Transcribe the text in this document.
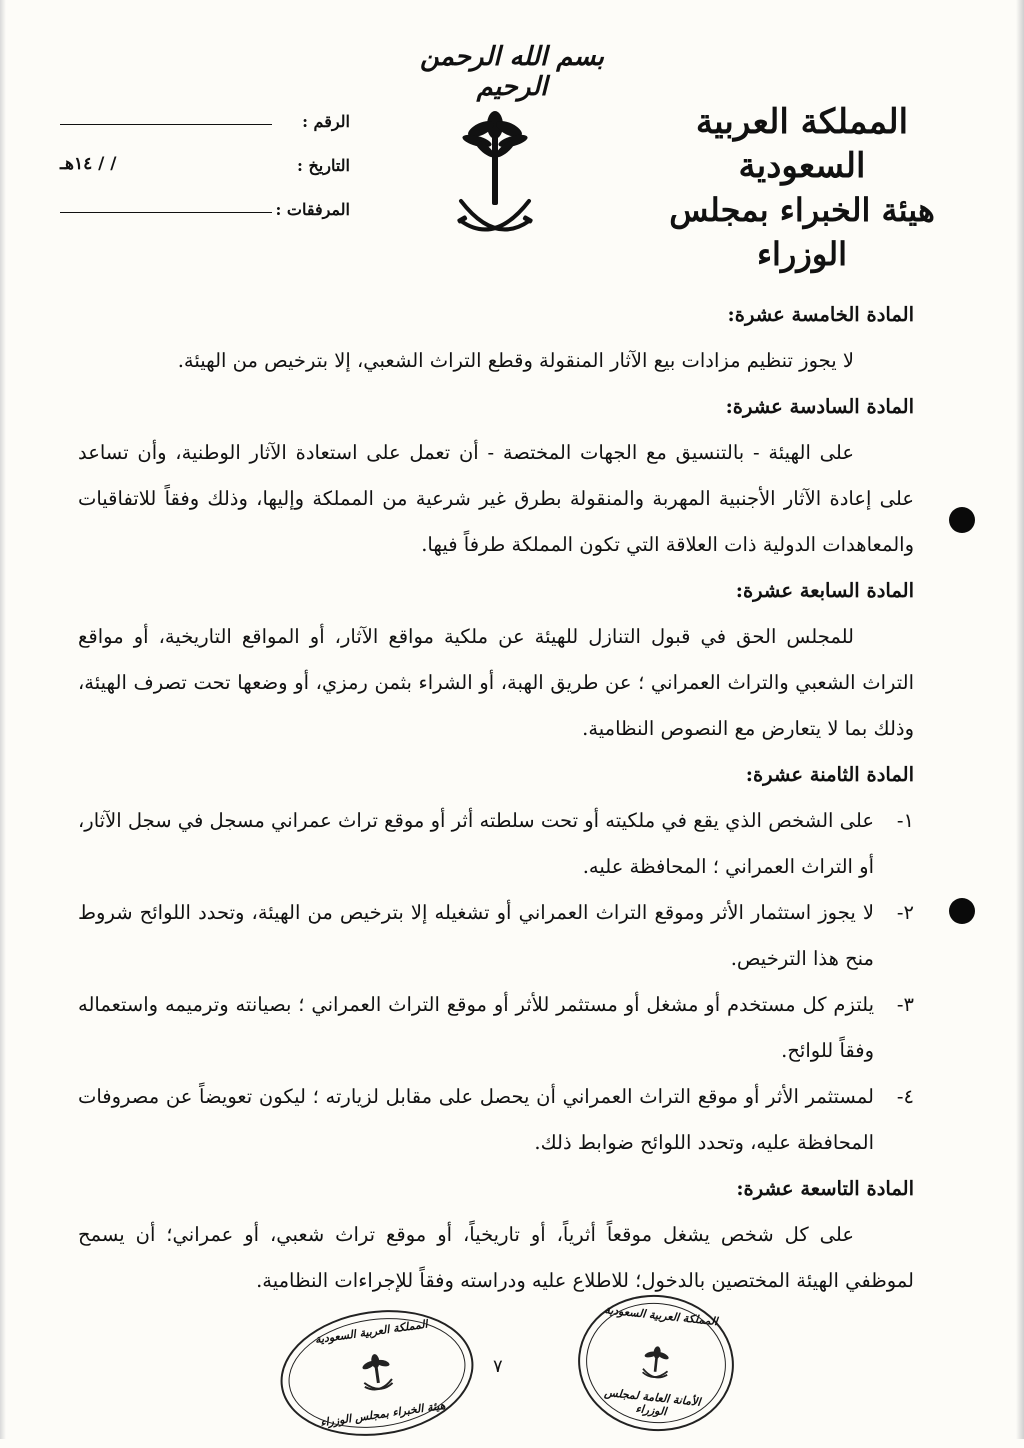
بسم الله الرحمن الرحيم
المملكة العربية السعودية
هيئة الخبراء بمجلس الوزراء
الرقم :
التاريخ :
/ / ١٤هـ
المرفقات :
المادة الخامسة عشرة:
لا يجوز تنظيم مزادات بيع الآثار المنقولة وقطع التراث الشعبي، إلا بترخيص من الهيئة.
المادة السادسة عشرة:
على الهيئة - بالتنسيق مع الجهات المختصة - أن تعمل على استعادة الآثار الوطنية، وأن تساعد على إعادة الآثار الأجنبية المهربة والمنقولة بطرق غير شرعية من المملكة وإليها، وذلك وفقاً للاتفاقيات والمعاهدات الدولية ذات العلاقة التي تكون المملكة طرفاً فيها.
المادة السابعة عشرة:
للمجلس الحق في قبول التنازل للهيئة عن ملكية مواقع الآثار، أو المواقع التاريخية، أو مواقع التراث الشعبي والتراث العمراني ؛ عن طريق الهبة، أو الشراء بثمن رمزي، أو وضعها تحت تصرف الهيئة، وذلك بما لا يتعارض مع النصوص النظامية.
المادة الثامنة عشرة:
١-
على الشخص الذي يقع في ملكيته أو تحت سلطته أثر أو موقع تراث عمراني مسجل في سجل الآثار، أو التراث العمراني ؛ المحافظة عليه.
٢-
لا يجوز استثمار الأثر وموقع التراث العمراني أو تشغيله إلا بترخيص من الهيئة، وتحدد اللوائح شروط منح هذا الترخيص.
٣-
يلتزم كل مستخدم أو مشغل أو مستثمر للأثر أو موقع التراث العمراني ؛ بصيانته وترميمه واستعماله وفقاً للوائح.
٤-
لمستثمر الأثر أو موقع التراث العمراني أن يحصل على مقابل لزيارته ؛ ليكون تعويضاً عن مصروفات المحافظة عليه، وتحدد اللوائح ضوابط ذلك.
المادة التاسعة عشرة:
على كل شخص يشغل موقعاً أثرياً، أو تاريخياً، أو موقع تراث شعبي، أو عمراني؛ أن يسمح لموظفي الهيئة المختصين بالدخول؛ للاطلاع عليه ودراسته وفقاً للإجراءات النظامية.
٧
المملكة العربية السعودية
هيئة الخبراء بمجلس الوزراء
المملكة العربية السعودية
الأمانة العامة لمجلس الوزراء
